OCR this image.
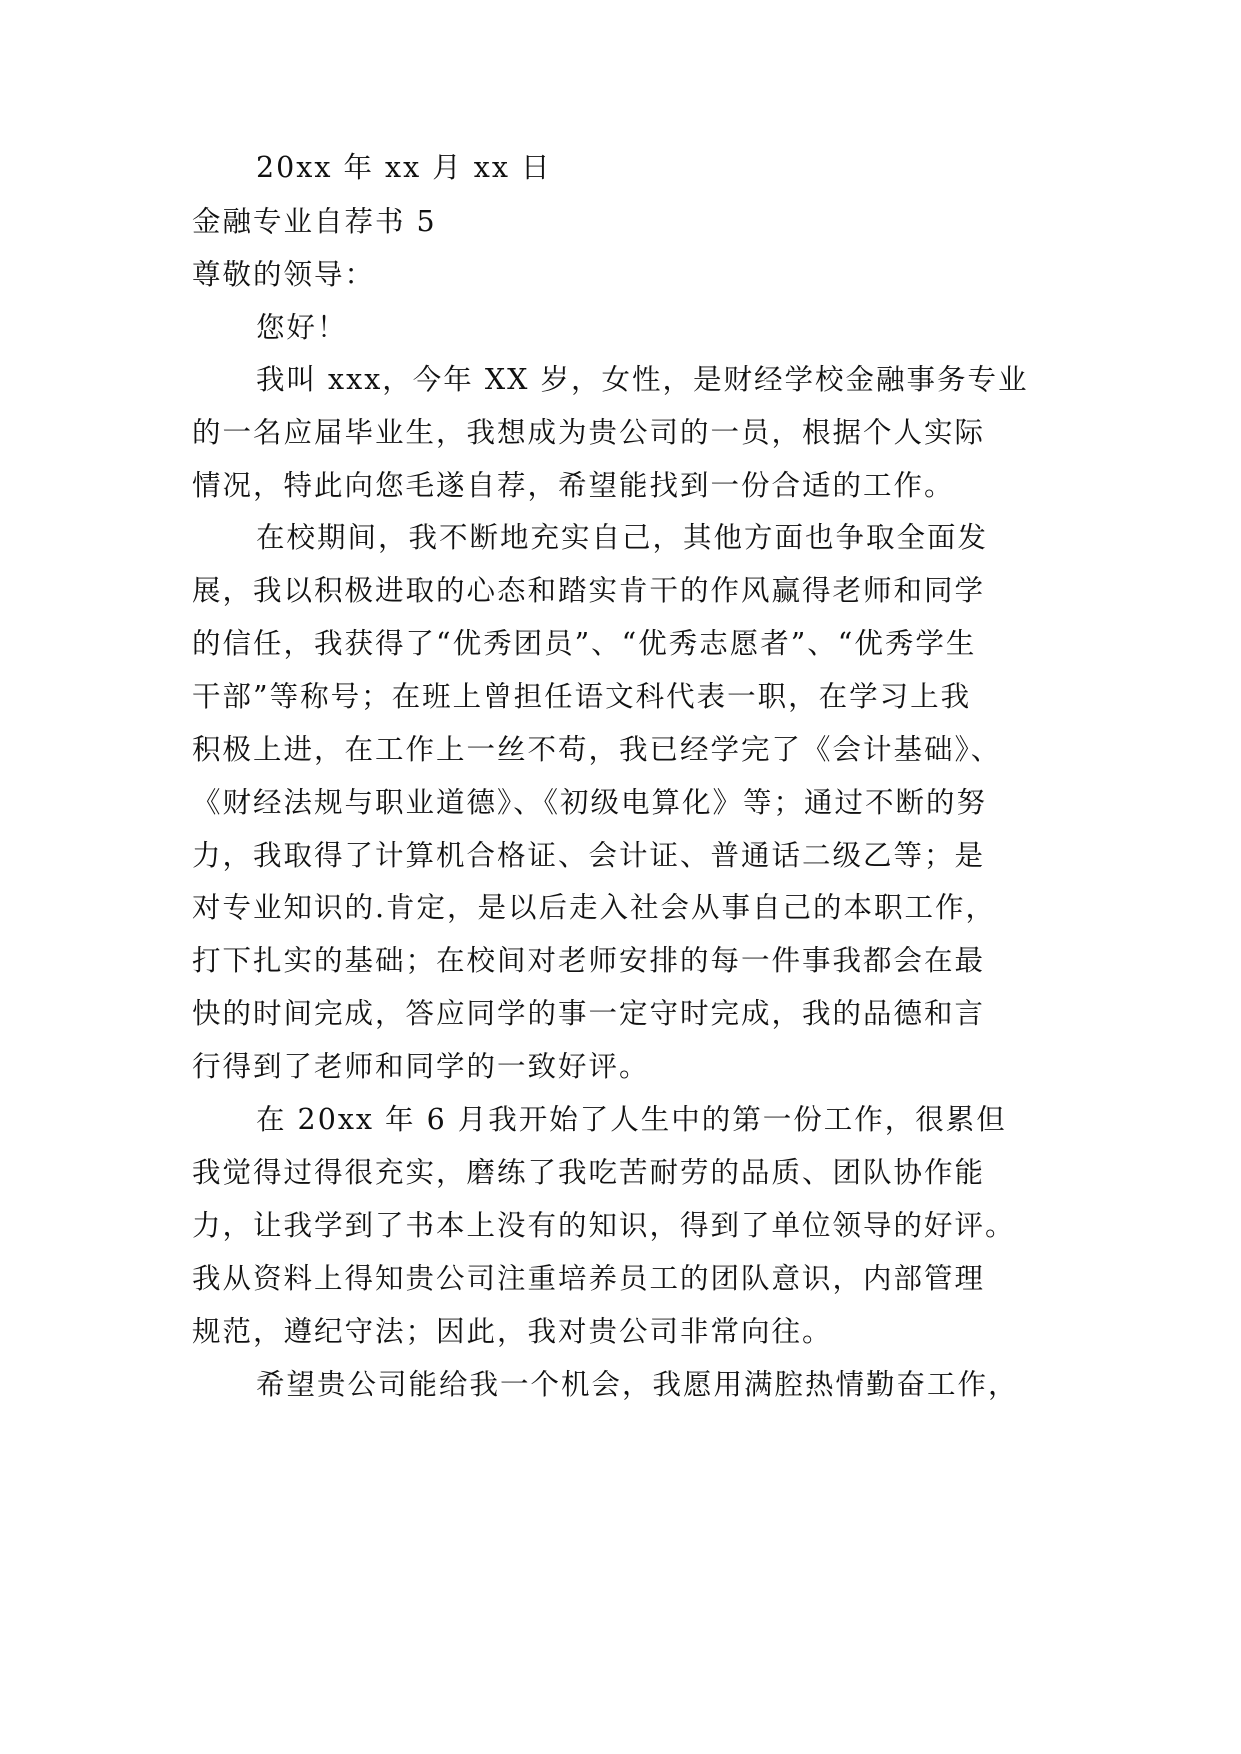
20xx 年 xx 月 xx 日
金融专业自荐书 5
尊敬的领导：
您好！
我叫 xxx，今年 XX 岁，女性，是财经学校金融事务专业
的一名应届毕业生，我想成为贵公司的一员，根据个人实际
情况，特此向您毛遂自荐，希望能找到一份合适的工作。
在校期间，我不断地充实自己，其他方面也争取全面发
展，我以积极进取的心态和踏实肯干的作风赢得老师和同学
的信任，我获得了“优秀团员”、“优秀志愿者”、“优秀学生
干部”等称号；在班上曾担任语文科代表一职，在学习上我
积极上进，在工作上一丝不苟，我已经学完了《会计基础》、
《财经法规与职业道德》、《初级电算化》等；通过不断的努
力，我取得了计算机合格证、会计证、普通话二级乙等；是
对专业知识的.肯定，是以后走入社会从事自己的本职工作，
打下扎实的基础；在校间对老师安排的每一件事我都会在最
快的时间完成，答应同学的事一定守时完成，我的品德和言
行得到了老师和同学的一致好评。
在 20xx 年 6 月我开始了人生中的第一份工作，很累但
我觉得过得很充实，磨练了我吃苦耐劳的品质、团队协作能
力，让我学到了书本上没有的知识，得到了单位领导的好评。
我从资料上得知贵公司注重培养员工的团队意识，内部管理
规范，遵纪守法；因此，我对贵公司非常向往。
希望贵公司能给我一个机会，我愿用满腔热情勤奋工作，
